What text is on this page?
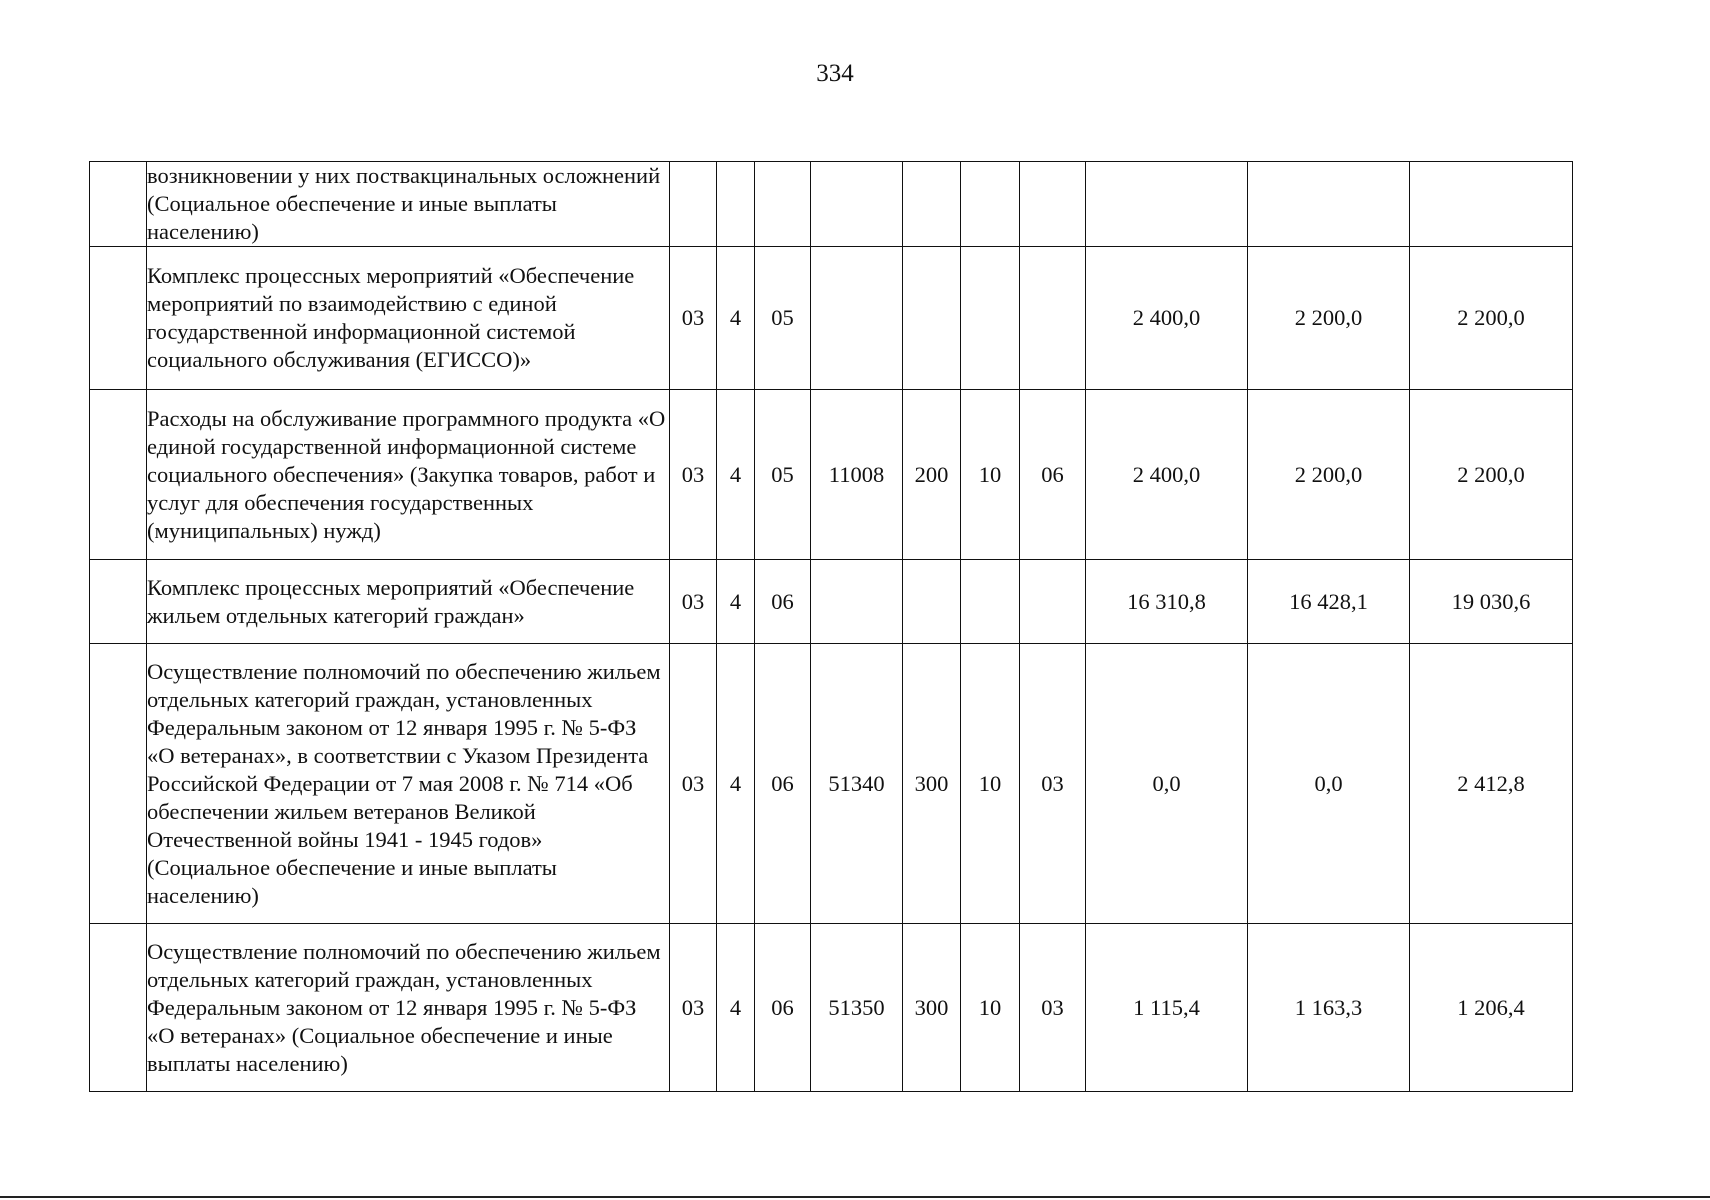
334
	возникновении у них поствакцинальных осложнений (Социальное обеспечение и иные выплаты населению)										
	Комплекс процессных мероприятий «Обеспечение мероприятий по взаимодействию с единой государственной информационной системой социального обслуживания (ЕГИССО)»	03	4	05					2 400,0	2 200,0	2 200,0
	Расходы на обслуживание программного продукта «О единой государственной информационной системе социального обеспечения» (Закупка товаров, работ и услуг для обеспечения государственных (муниципальных) нужд)	03	4	05	11008	200	10	06	2 400,0	2 200,0	2 200,0
	Комплекс процессных мероприятий «Обеспечение жильем отдельных категорий граждан»	03	4	06					16 310,8	16 428,1	19 030,6
	Осуществление полномочий по обеспечению жильем отдельных категорий граждан, установленных Федеральным законом от 12 января 1995 г. № 5-ФЗ «О ветеранах», в соответствии с Указом Президента Российской Федерации от 7 мая 2008 г. № 714 «Об обеспечении жильем ветеранов Великой Отечественной войны 1941 - 1945 годов» (Социальное обеспечение и иные выплаты населению)	03	4	06	51340	300	10	03	0,0	0,0	2 412,8
	Осуществление полномочий по обеспечению жильем отдельных категорий граждан, установленных Федеральным законом от 12 января 1995 г. № 5-ФЗ «О ветеранах» (Социальное обеспечение и иные выплаты населению)	03	4	06	51350	300	10	03	1 115,4	1 163,3	1 206,4
